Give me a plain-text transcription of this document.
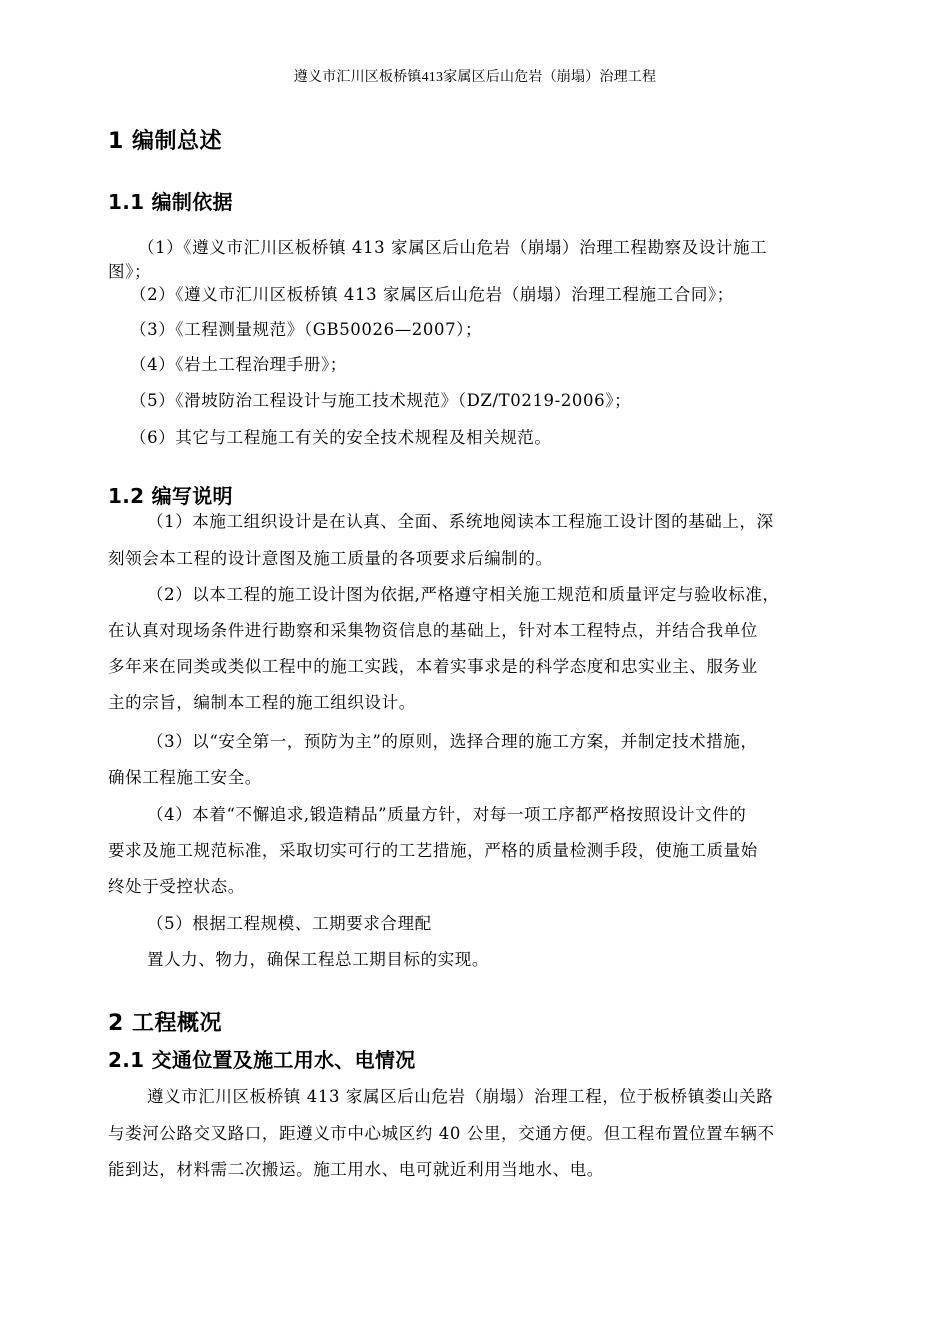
遵义市汇川区板桥镇413家属区后山危岩（崩塌）治理工程
1 编制总述
1.1 编制依据
（1）《遵义市汇川区板桥镇 413 家属区后山危岩（崩塌）治理工程勘察及设计施工
图》；
（2）《遵义市汇川区板桥镇 413 家属区后山危岩（崩塌）治理工程施工合同》；
（3）《工程测量规范》（GB50026—2007）；
（4）《岩土工程治理手册》；
（5）《滑坡防治工程设计与施工技术规范》（DZ/T0219-2006》；
（6）其它与工程施工有关的安全技术规程及相关规范。
1.2 编写说明
（1）本施工组织设计是在认真、全面、系统地阅读本工程施工设计图的基础上，深
刻领会本工程的设计意图及施工质量的各项要求后编制的。
（2）以本工程的施工设计图为依据,严格遵守相关施工规范和质量评定与验收标准，
在认真对现场条件进行勘察和采集物资信息的基础上，针对本工程特点，并结合我单位
多年来在同类或类似工程中的施工实践，本着实事求是的科学态度和忠实业主、服务业
主的宗旨，编制本工程的施工组织设计。
（3）以“安全第一，预防为主”的原则，选择合理的施工方案，并制定技术措施，
确保工程施工安全。
（4）本着“不懈追求,锻造精品”质量方针，对每一项工序都严格按照设计文件的
要求及施工规范标准，采取切实可行的工艺措施，严格的质量检测手段，使施工质量始
终处于受控状态。
（5）根据工程规模、工期要求合理配
置人力、物力，确保工程总工期目标的实现。
2 工程概况
2.1 交通位置及施工用水、电情况
遵义市汇川区板桥镇 413 家属区后山危岩（崩塌）治理工程，位于板桥镇娄山关路
与娄河公路交叉路口，距遵义市中心城区约 40 公里，交通方便。但工程布置位置车辆不
能到达，材料需二次搬运。施工用水、电可就近利用当地水、电。
